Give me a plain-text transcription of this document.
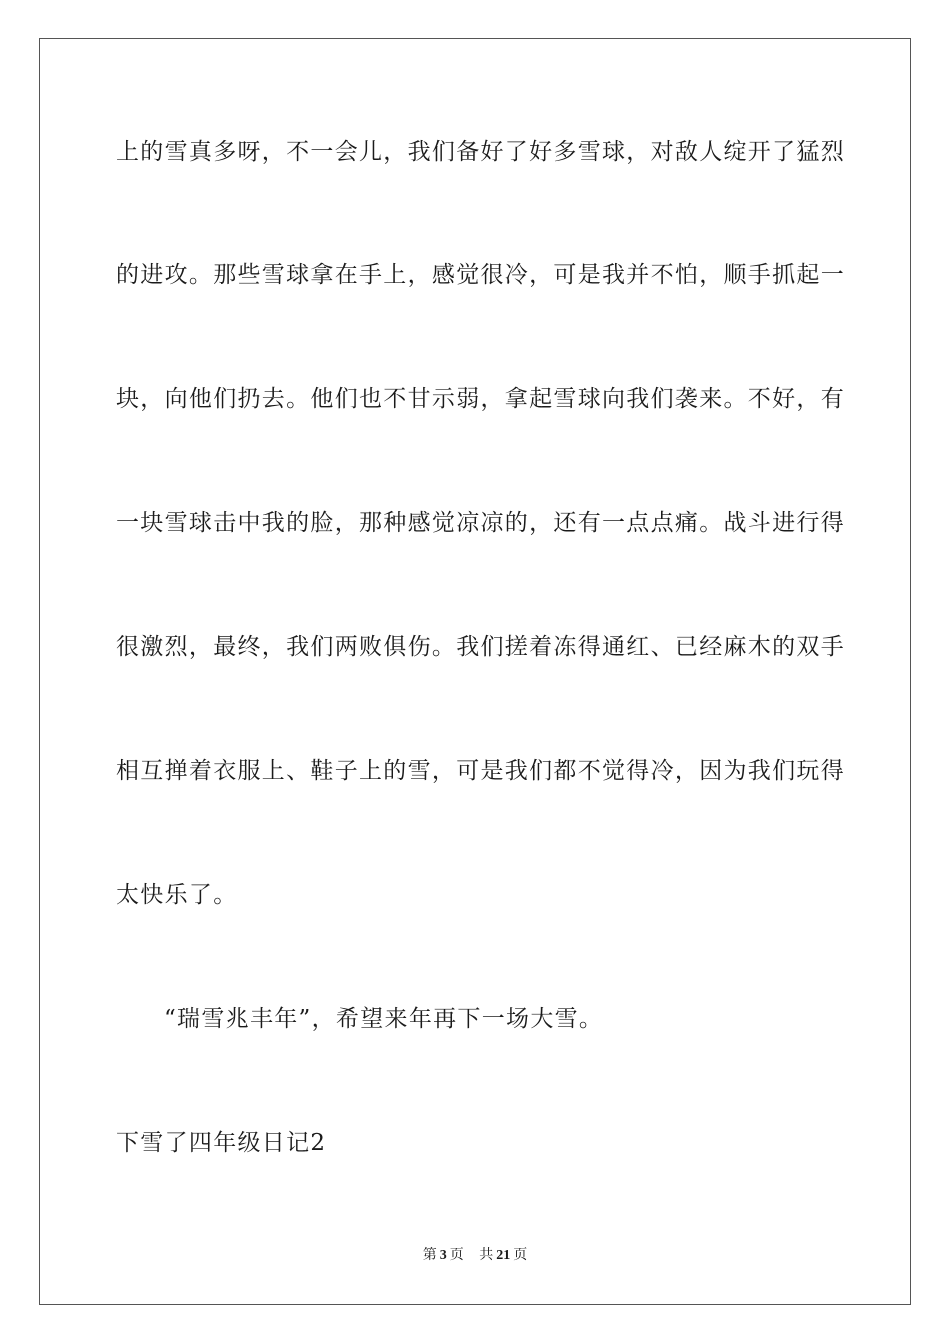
上的雪真多呀，不一会儿，我们备好了好多雪球，对敌人绽开了猛烈

的进攻。那些雪球拿在手上，感觉很冷，可是我并不怕，顺手抓起一

块，向他们扔去。他们也不甘示弱，拿起雪球向我们袭来。不好，有

一块雪球击中我的脸，那种感觉凉凉的，还有一点点痛。战斗进行得

很激烈，最终，我们两败俱伤。我们搓着冻得通红、已经麻木的双手

相互掸着衣服上、鞋子上的雪，可是我们都不觉得冷，因为我们玩得

太快乐了。

“瑞雪兆丰年”，希望来年再下一场大雪。

下雪了四年级日记2

第 3 页 共 21 页
